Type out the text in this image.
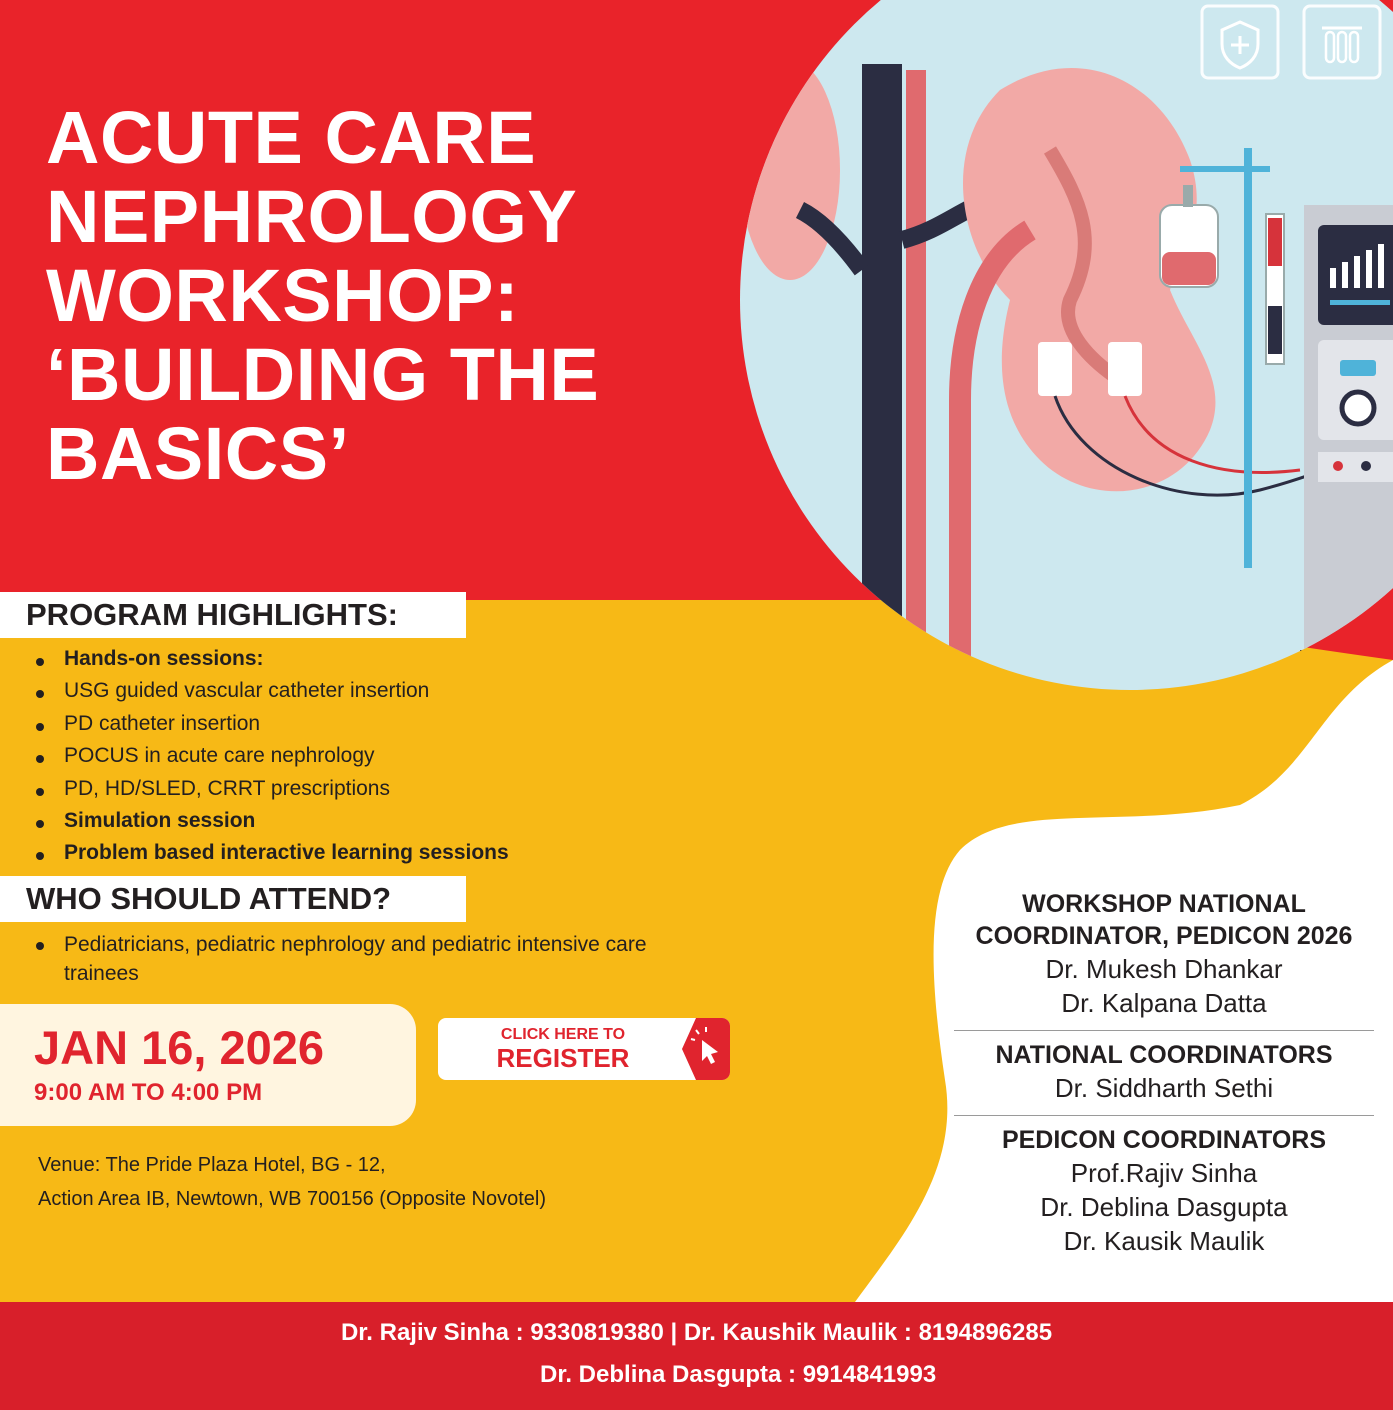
ACUTE CARE
NEPHROLOGY
WORKSHOP:
‘BUILDING THE
BASICS’
PROGRAM HIGHLIGHTS:
Hands-on sessions:
USG guided vascular catheter insertion
PD catheter insertion
POCUS in acute care nephrology
PD, HD/SLED, CRRT prescriptions
Simulation session
Problem based interactive learning sessions
WHO SHOULD ATTEND?
Pediatricians, pediatric nephrology and pediatric intensive care trainees
JAN 16, 2026
9:00 AM TO 4:00 PM
CLICK HERE TO
REGISTER
Venue: The Pride Plaza Hotel, BG - 12,
Action Area IB, Newtown, WB 700156 (Opposite Novotel)
WORKSHOP NATIONAL
COORDINATOR, PEDICON 2026
Dr. Mukesh Dhankar
Dr. Kalpana Datta
NATIONAL COORDINATORS
Dr. Siddharth Sethi
PEDICON COORDINATORS
Prof.Rajiv Sinha
Dr. Deblina Dasgupta
Dr. Kausik Maulik
Dr. Rajiv Sinha : 9330819380 | Dr. Kaushik Maulik : 8194896285
Dr. Deblina Dasgupta : 9914841993
